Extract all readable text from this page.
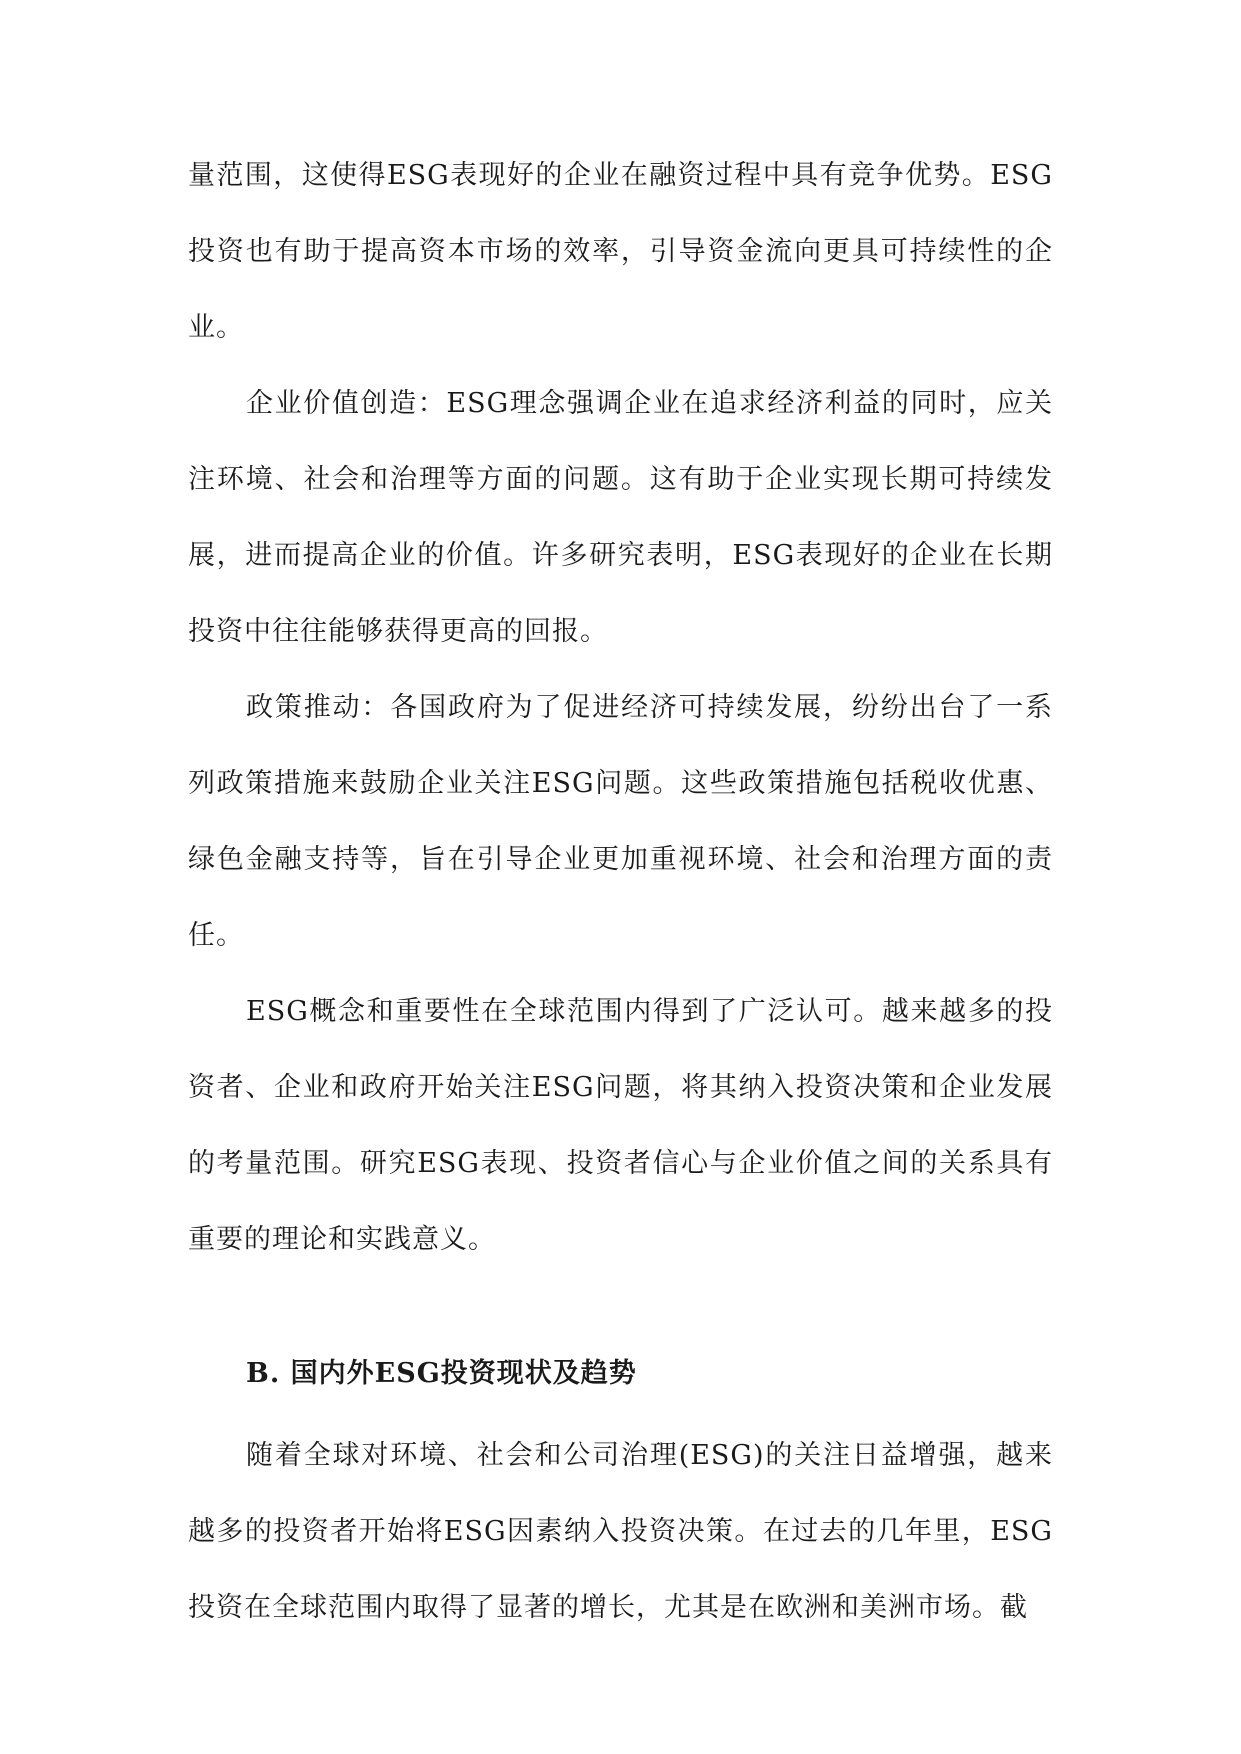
量范围，这使得ESG表现好的企业在融资过程中具有竞争优势。ESG投资也有助于提高资本市场的效率，引导资金流向更具可持续性的企业。

企业价值创造：ESG理念强调企业在追求经济利益的同时，应关注环境、社会和治理等方面的问题。这有助于企业实现长期可持续发展，进而提高企业的价值。许多研究表明，ESG表现好的企业在长期投资中往往能够获得更高的回报。

政策推动：各国政府为了促进经济可持续发展，纷纷出台了一系列政策措施来鼓励企业关注ESG问题。这些政策措施包括税收优惠、绿色金融支持等，旨在引导企业更加重视环境、社会和治理方面的责任。

ESG概念和重要性在全球范围内得到了广泛认可。越来越多的投资者、企业和政府开始关注ESG问题，将其纳入投资决策和企业发展的考量范围。研究ESG表现、投资者信心与企业价值之间的关系具有重要的理论和实践意义。

B. 国内外ESG投资现状及趋势

随着全球对环境、社会和公司治理(ESG)的关注日益增强，越来越多的投资者开始将ESG因素纳入投资决策。在过去的几年里，ESG投资在全球范围内取得了显著的增长，尤其是在欧洲和美洲市场。截
